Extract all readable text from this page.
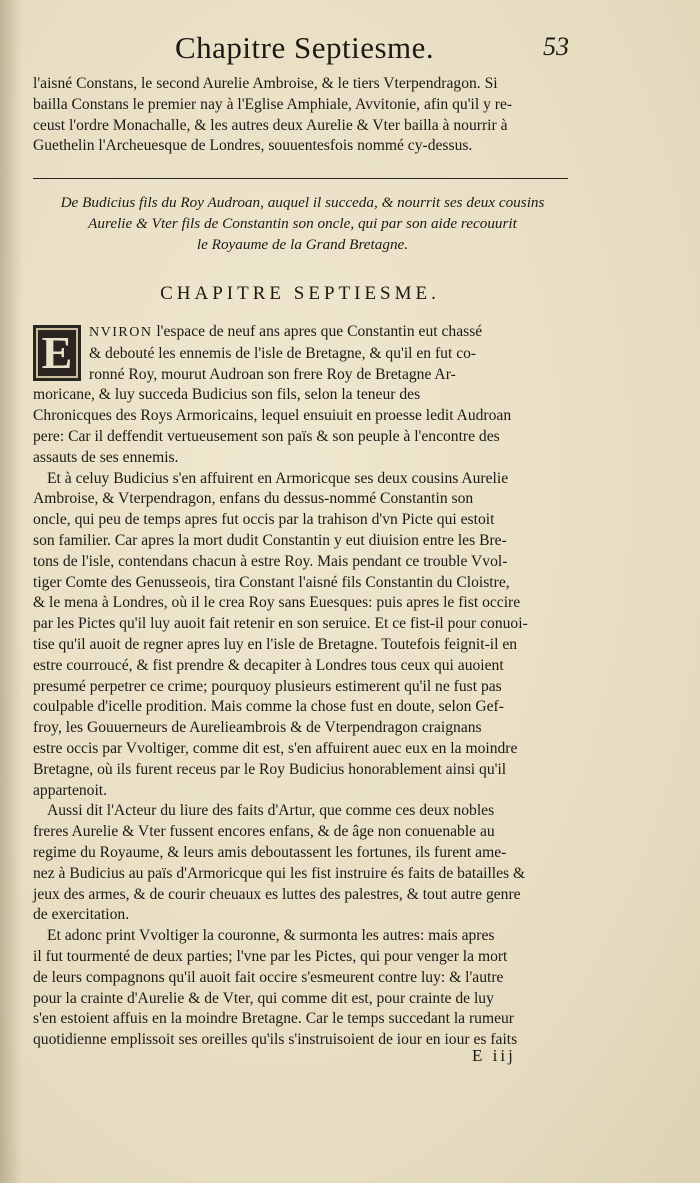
Chapitre Septiesme.	53

l'aisné Constans, le second Aurelie Ambroise, & le tiers Vterpendragon. Si

bailla Constans le premier nay à l'Eglise Amphiale, Avvitonie, afin qu'il y re-

ceust l'ordre Monachalle, & les autres deux Aurelie & Vter bailla à nourrir à

Guethelin l'Archeuesque de Londres, souuentesfois nommé cy-dessus.

De Budicius fils du Roy Audroan, auquel il succeda, & nourrit ses deux cousins
Aurelie & Vter fils de Constantin son oncle, qui par son aide recouurit
le Royaume de la Grand Bretagne.
CHAPITRE SEPTIESME.
E	NVIRON l'espace de neuf ans apres que Constantin eut chassé

& debouté les ennemis de l'isle de Bretagne, & qu'il en fut co-

ronné Roy, mourut Audroan son frere Roy de Bretagne Ar-

moricane, & luy succeda Budicius son fils, selon la teneur des

Chronicques des Roys Armoricains, lequel ensuiuit en proesse ledit Audroan

pere: Car il deffendit vertueusement son païs & son peuple à l'encontre des

assauts de ses ennemis.

Et à celuy Budicius s'en affuirent en Armoricque ses deux cousins Aurelie

Ambroise, & Vterpendragon, enfans du dessus-nommé Constantin son

oncle, qui peu de temps apres fut occis par la trahison d'vn Picte qui estoit

son familier. Car apres la mort dudit Constantin y eut diuision entre les Bre-

tons de l'isle, contendans chacun à estre Roy. Mais pendant ce trouble Vvol-

tiger Comte des Genusseois, tira Constant l'aisné fils Constantin du Cloistre,

& le mena à Londres, où il le crea Roy sans Euesques: puis apres le fist occire

par les Pictes qu'il luy auoit fait retenir en son seruice. Et ce fist-il pour conuoi-

tise qu'il auoit de regner apres luy en l'isle de Bretagne. Toutefois feignit-il en

estre courroucé, & fist prendre & decapiter à Londres tous ceux qui auoient

presumé perpetrer ce crime; pourquoy plusieurs estimerent qu'il ne fust pas

coulpable d'icelle prodition. Mais comme la chose fust en doute, selon Gef-

froy, les Gouuerneurs de Aurelieambrois & de Vterpendragon craignans

estre occis par Vvoltiger, comme dit est, s'en affuirent auec eux en la moindre

Bretagne, où ils furent receus par le Roy Budicius honorablement ainsi qu'il

appartenoit.

Aussi dit l'Acteur du liure des faits d'Artur, que comme ces deux nobles

freres Aurelie & Vter fussent encores enfans, & de âge non conuenable au

regime du Royaume, & leurs amis deboutassent les fortunes, ils furent ame-

nez à Budicius au païs d'Armoricque qui les fist instruire és faits de batailles &

jeux des armes, & de courir cheuaux es luttes des palestres, & tout autre genre

de exercitation.

Et adonc print Vvoltiger la couronne, & surmonta les autres: mais apres

il fut tourmenté de deux parties; l'vne par les Pictes, qui pour venger la mort

de leurs compagnons qu'il auoit fait occire s'esmeurent contre luy: & l'autre

pour la crainte d'Aurelie & de Vter, qui comme dit est, pour crainte de luy

s'en estoient affuis en la moindre Bretagne. Car le temps succedant la rumeur

quotidienne emplissoit ses oreilles qu'ils s'instruisoient de iour en iour es faits

E iij
